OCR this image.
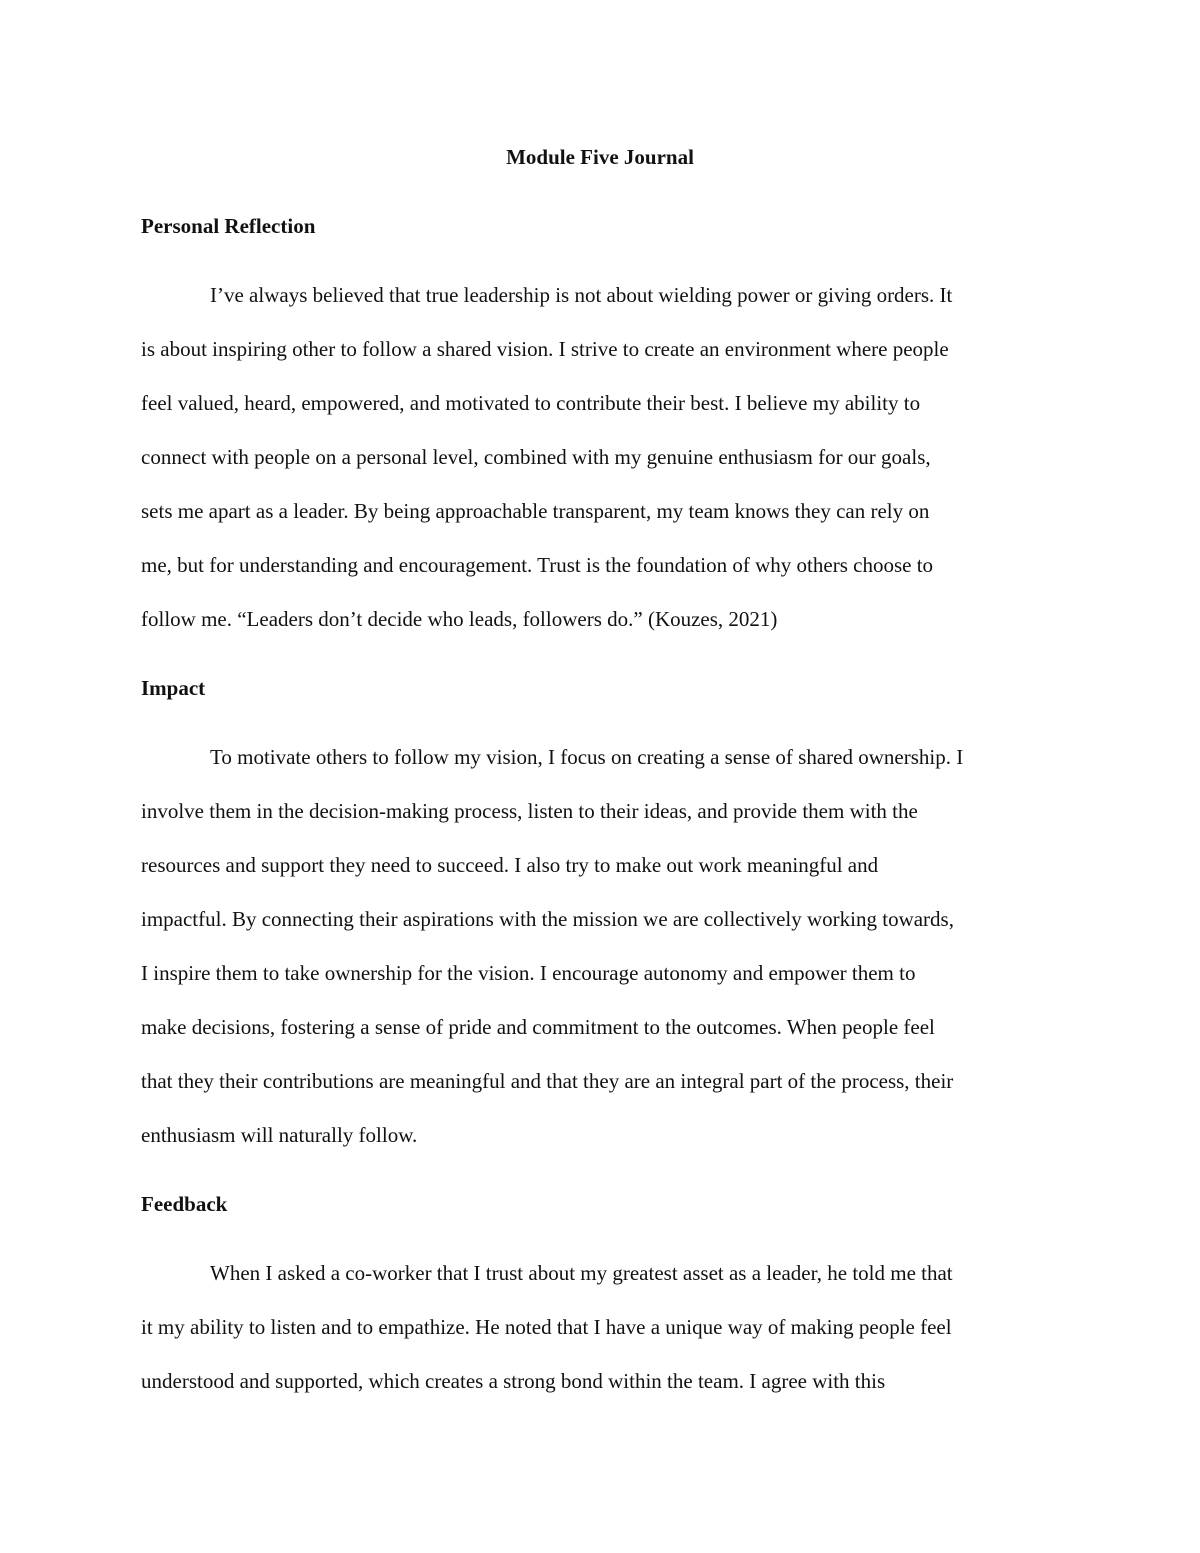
Module Five Journal
Personal Reflection
I’ve always believed that true leadership is not about wielding power or giving orders. It
is about inspiring other to follow a shared vision. I strive to create an environment where people
feel valued, heard, empowered, and motivated to contribute their best. I believe my ability to
connect with people on a personal level, combined with my genuine enthusiasm for our goals,
sets me apart as a leader. By being approachable transparent, my team knows they can rely on
me, but for understanding and encouragement. Trust is the foundation of why others choose to
follow me. “Leaders don’t decide who leads, followers do.” (Kouzes, 2021)
Impact
To motivate others to follow my vision, I focus on creating a sense of shared ownership. I
involve them in the decision-making process, listen to their ideas, and provide them with the
resources and support they need to succeed. I also try to make out work meaningful and
impactful. By connecting their aspirations with the mission we are collectively working towards,
I inspire them to take ownership for the vision. I encourage autonomy and empower them to
make decisions, fostering a sense of pride and commitment to the outcomes. When people feel
that they their contributions are meaningful and that they are an integral part of the process, their
enthusiasm will naturally follow.
Feedback
When I asked a co-worker that I trust about my greatest asset as a leader, he told me that
it my ability to listen and to empathize. He noted that I have a unique way of making people feel
understood and supported, which creates a strong bond within the team. I agree with this
